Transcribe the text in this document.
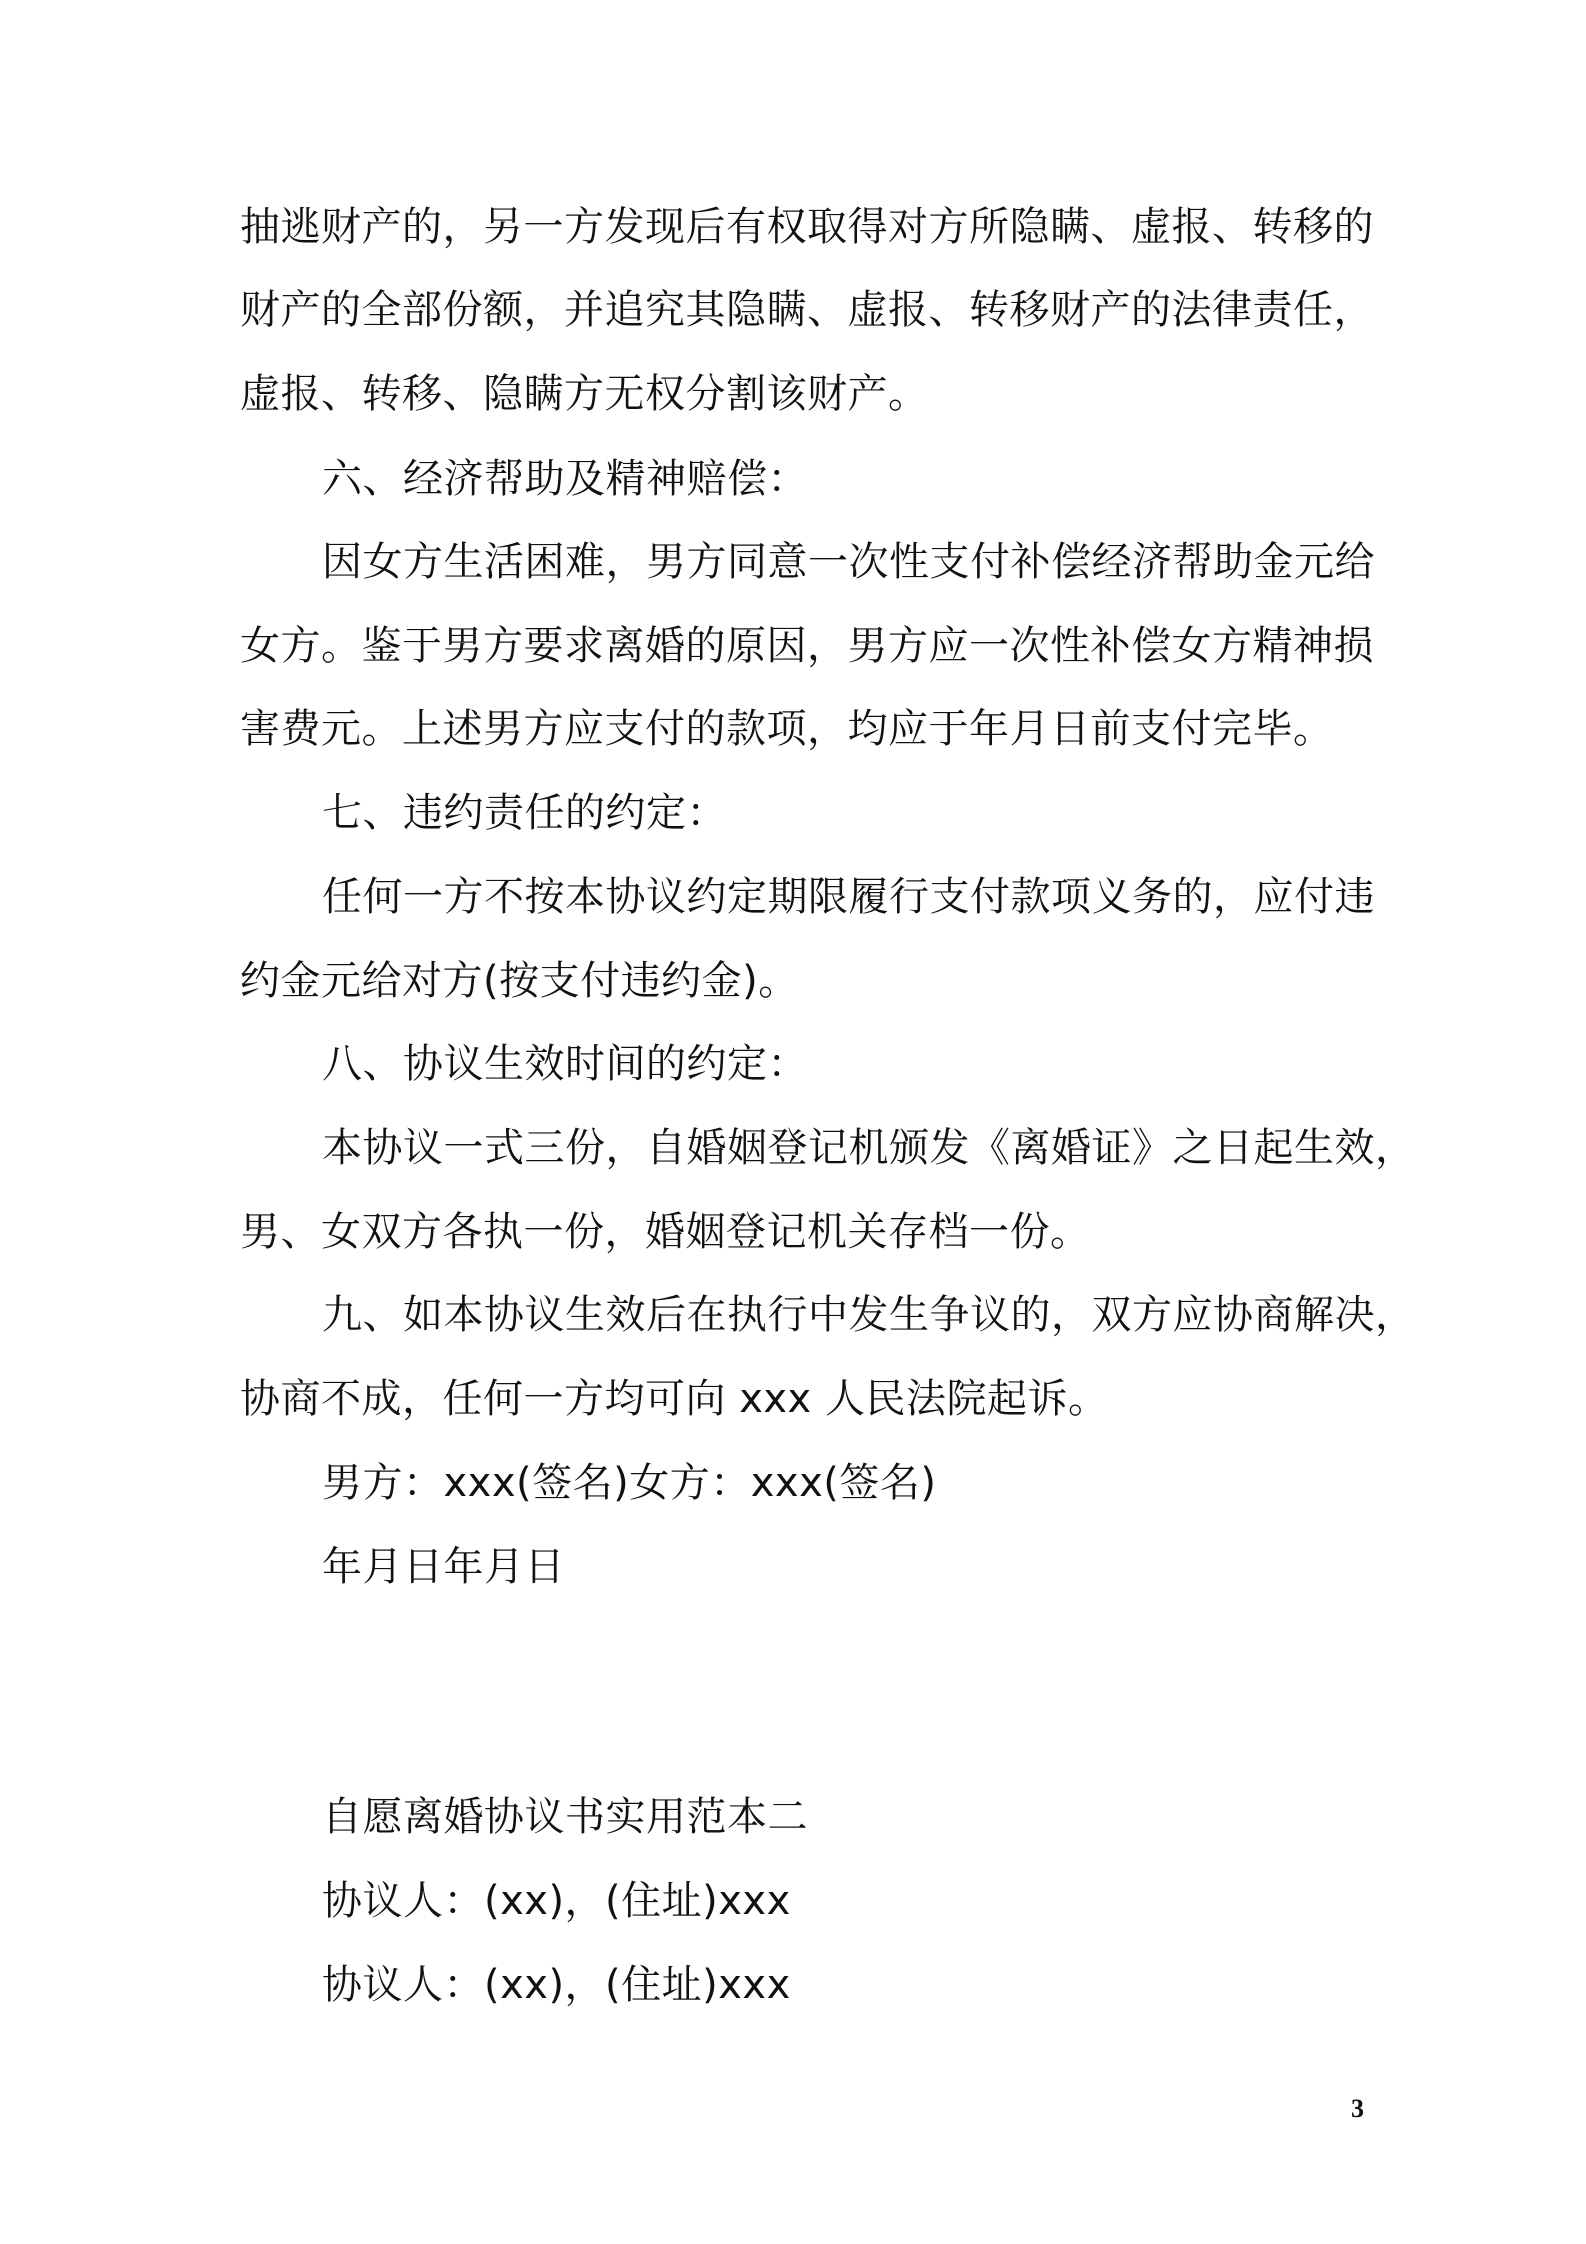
抽逃财产的，另一方发现后有权取得对方所隐瞒、虚报、转移的
财产的全部份额，并追究其隐瞒、虚报、转移财产的法律责任，
虚报、转移、隐瞒方无权分割该财产。
六、经济帮助及精神赔偿：
因女方生活困难，男方同意一次性支付补偿经济帮助金元给
女方。鉴于男方要求离婚的原因，男方应一次性补偿女方精神损
害费元。上述男方应支付的款项，均应于年月日前支付完毕。
七、违约责任的约定：
任何一方不按本协议约定期限履行支付款项义务的，应付违
约金元给对方(按支付违约金)。
八、协议生效时间的约定：
本协议一式三份，自婚姻登记机颁发《离婚证》之日起生效，
男、女双方各执一份，婚姻登记机关存档一份。
九、如本协议生效后在执行中发生争议的，双方应协商解决，
协商不成，任何一方均可向 xxx 人民法院起诉。
男方：xxx(签名)女方：xxx(签名)
年月日年月日
自愿离婚协议书实用范本二
协议人：(xx)，(住址)xxx
协议人：(xx)，(住址)xxx
3
